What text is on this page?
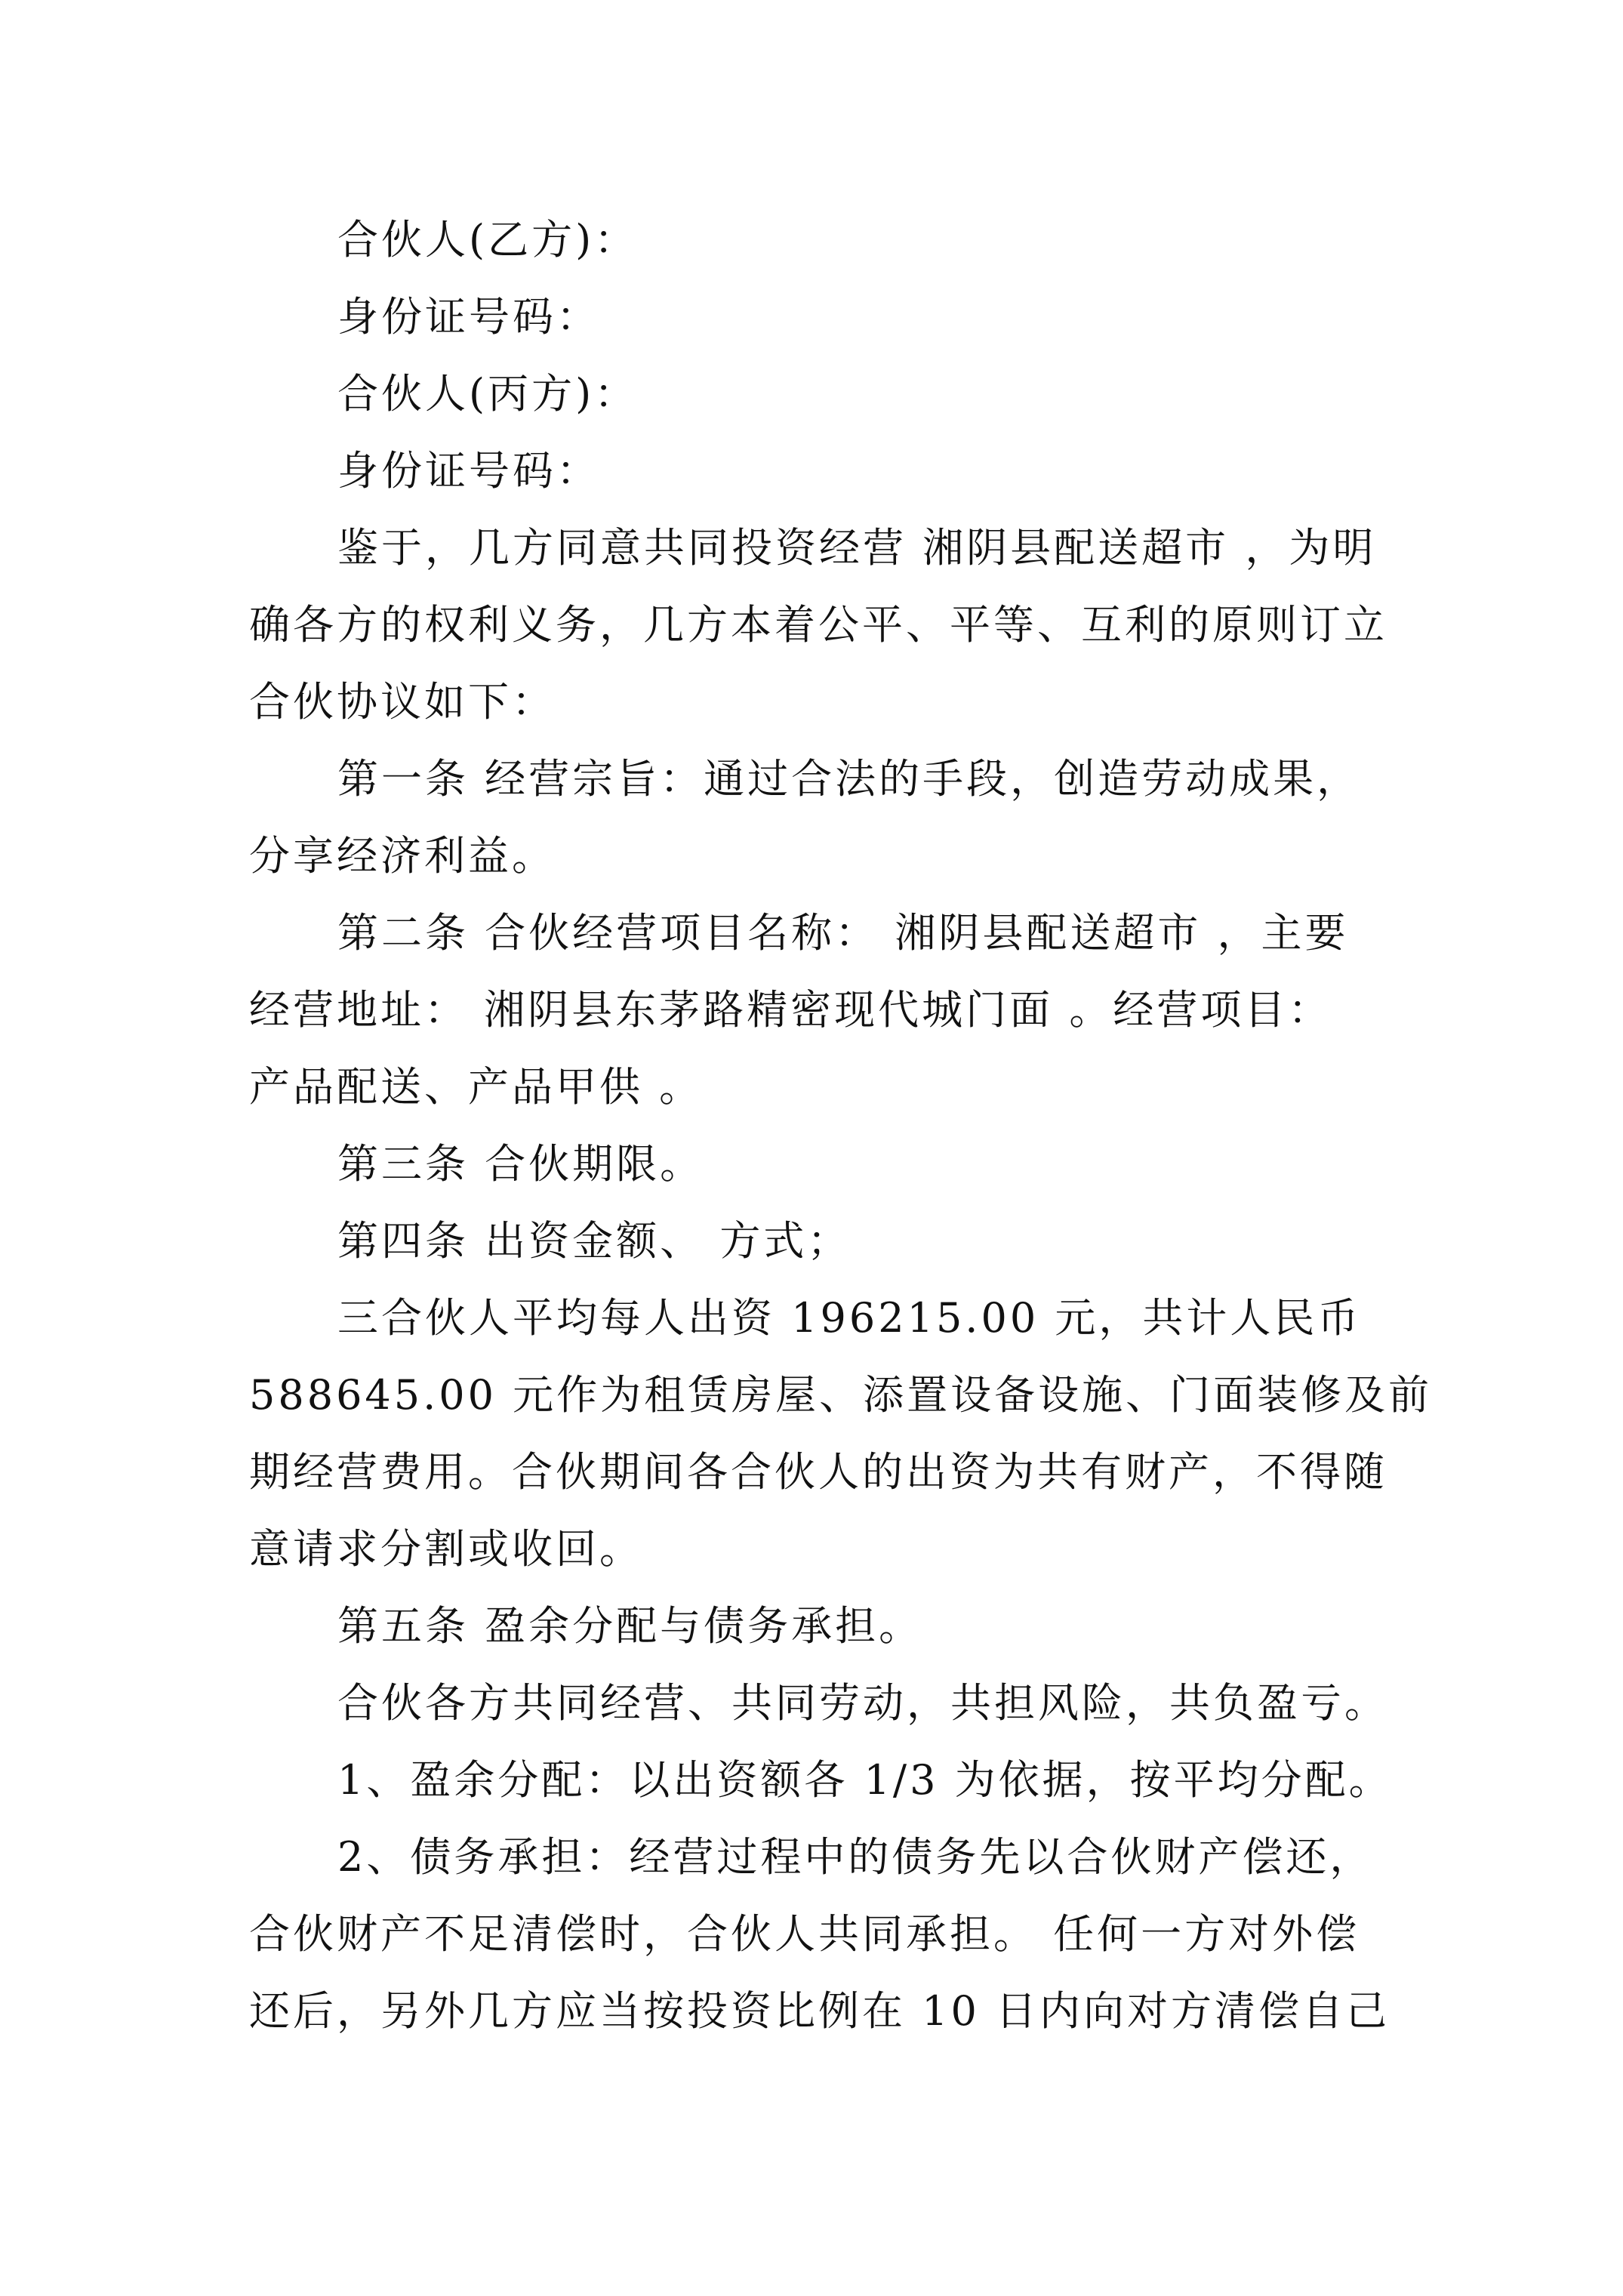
合伙人(乙方)：
身份证号码：
合伙人(丙方)：
身份证号码：
鉴于，几方同意共同投资经营 湘阴县配送超市 ，为明
确各方的权利义务，几方本着公平、平等、互利的原则订立
合伙协议如下：
第一条 经营宗旨：通过合法的手段，创造劳动成果，
分享经济利益。
第二条 合伙经营项目名称： 湘阴县配送超市 ，主要
经营地址： 湘阴县东茅路精密现代城门面 。经营项目：
产品配送、产品甲供 。
第三条 合伙期限。
第四条 出资金额、 方式；
三合伙人平均每人出资 196215.00 元，共计人民币
588645.00 元作为租赁房屋、添置设备设施、门面装修及前
期经营费用。合伙期间各合伙人的出资为共有财产，不得随
意请求分割或收回。
第五条 盈余分配与债务承担。
合伙各方共同经营、共同劳动，共担风险，共负盈亏。
1、盈余分配：以出资额各 1/3 为依据，按平均分配。
2、债务承担：经营过程中的债务先以合伙财产偿还，
合伙财产不足清偿时，合伙人共同承担。 任何一方对外偿
还后，另外几方应当按投资比例在 10 日内向对方清偿自己
